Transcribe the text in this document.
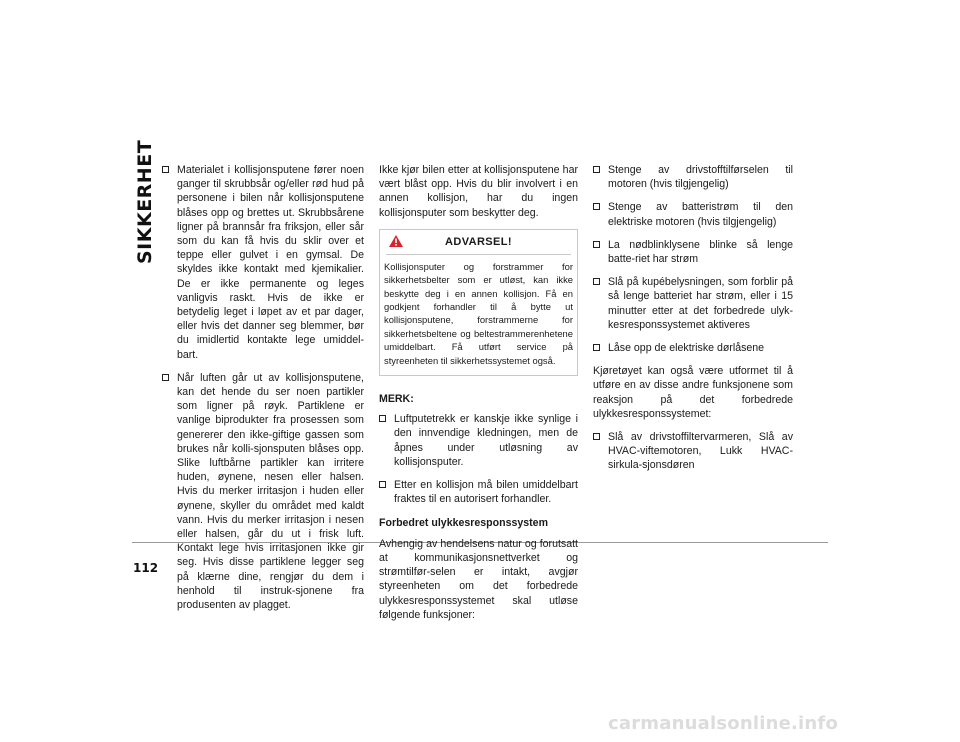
SIKKERHET
112
Materialet i kollisjonsputene fører noen ganger til skrubbsår og/eller rød hud på personene i bilen når kollisjonsputene blåses opp og brettes ut. Skrubbsårene ligner på brannsår fra friksjon, eller sår som du kan få hvis du sklir over et teppe eller gulvet i en gymsal. De skyldes ikke kontakt med kjemikalier. De er ikke permanente og leges vanligvis raskt. Hvis de ikke er betydelig leget i løpet av et par dager, eller hvis det danner seg blemmer, bør du imidlertid kontakte lege umiddel-bart.
Når luften går ut av kollisjonsputene, kan det hende du ser noen partikler som ligner på røyk. Partiklene er vanlige biprodukter fra prosessen som genererer den ikke-giftige gassen som brukes når kolli-sjonsputen blåses opp. Slike luftbårne partikler kan irritere huden, øynene, nesen eller halsen. Hvis du merker irritasjon i huden eller øynene, skyller du området med kaldt vann. Hvis du merker irritasjon i nesen eller halsen, går du ut i frisk luft. Kontakt lege hvis irritasjonen ikke gir seg. Hvis disse partiklene legger seg på klærne dine, rengjør du dem i henhold til instruk-sjonene fra produsenten av plagget.

Ikke kjør bilen etter at kollisjonsputene har vært blåst opp. Hvis du blir involvert i en annen kollisjon, har du ingen kollisjonsputer som beskytter deg.

ADVARSEL!
Kollisjonsputer og forstrammer for sikkerhetsbelter som er utløst, kan ikke beskytte deg i en annen kollisjon. Få en godkjent forhandler til å bytte ut kollisjonsputene, forstrammerne for sikkerhetsbeltene og beltestrammerenhetene umiddelbart. Få utført service på styreenheten til sikkerhetssystemet også.
MERK:
Luftputetrekk er kanskje ikke synlige i den innvendige kledningen, men de åpnes under utløsning av kollisjonsputer.
Etter en kollisjon må bilen umiddelbart fraktes til en autorisert forhandler.
Forbedret ulykkesresponssystem

Avhengig av hendelsens natur og forutsatt at kommunikasjonsnettverket og strømtilfør-selen er intakt, avgjør styreenheten om det forbedrede ulykkesresponssystemet skal utløse følgende funksjoner:

Stenge av drivstofftilførselen til motoren (hvis tilgjengelig)
Stenge av batteristrøm til den elektriske motoren (hvis tilgjengelig)
La nødblinklysene blinke så lenge batte-riet har strøm
Slå på kupébelysningen, som forblir på så lenge batteriet har strøm, eller i 15 minutter etter at det forbedrede ulyk-kesresponssystemet aktiveres
Låse opp de elektriske dørlåsene

Kjøretøyet kan også være utformet til å utføre en av disse andre funksjonene som reaksjon på det forbedrede ulykkesresponssystemet:

Slå av drivstoffiltervarmeren, Slå av HVAC-viftemotoren, Lukk HVAC-sirkula-sjonsdøren
carmanualsonline.info
